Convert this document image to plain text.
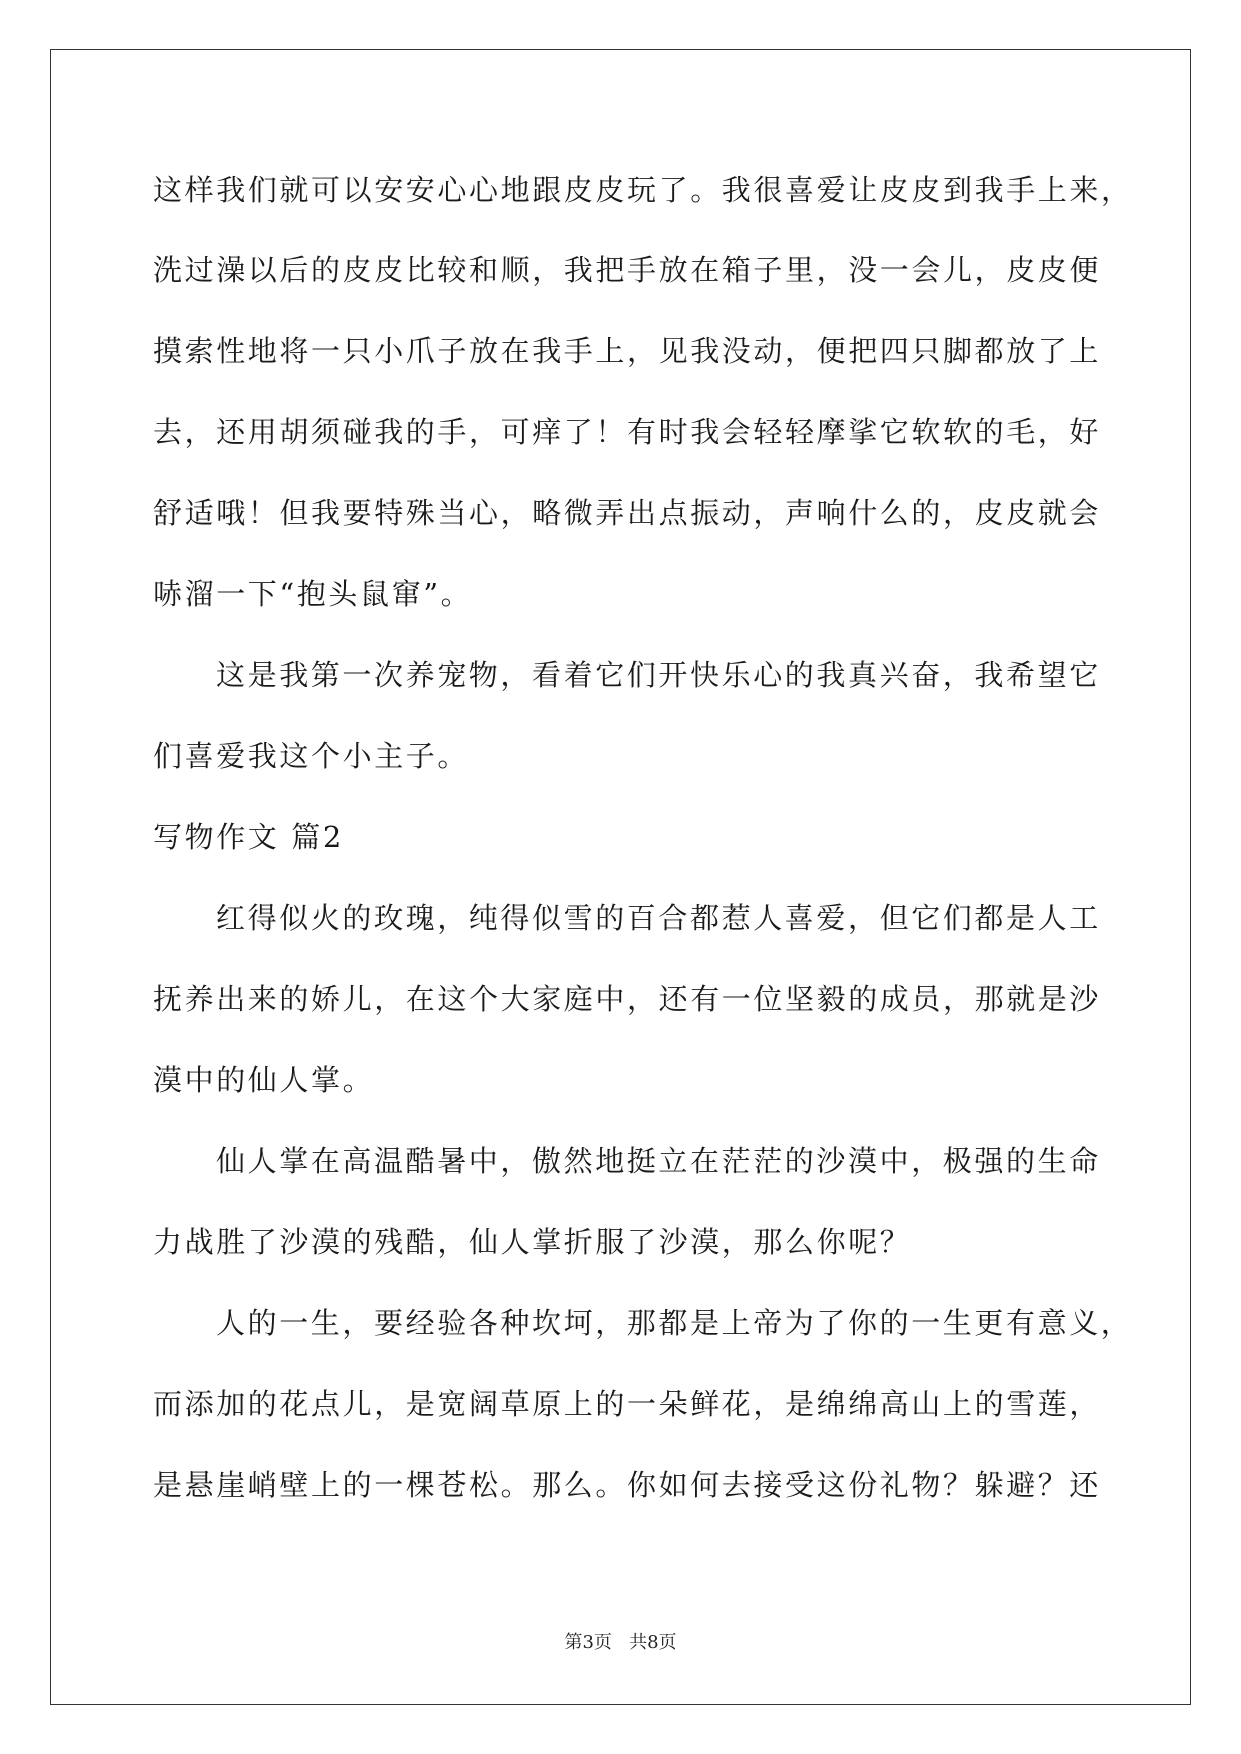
这样我们就可以安安心心地跟皮皮玩了。我很喜爱让皮皮到我手上来，
洗过澡以后的皮皮比较和顺，我把手放在箱子里，没一会儿，皮皮便
摸索性地将一只小爪子放在我手上，见我没动，便把四只脚都放了上
去，还用胡须碰我的手，可痒了！有时我会轻轻摩挲它软软的毛，好
舒适哦！但我要特殊当心，略微弄出点振动，声响什么的，皮皮就会
哧溜一下“抱头鼠窜”。
这是我第一次养宠物，看着它们开快乐心的我真兴奋，我希望它
们喜爱我这个小主子。
写物作文 篇2
红得似火的玫瑰，纯得似雪的百合都惹人喜爱，但它们都是人工
抚养出来的娇儿，在这个大家庭中，还有一位坚毅的成员，那就是沙
漠中的仙人掌。
仙人掌在高温酷暑中，傲然地挺立在茫茫的沙漠中，极强的生命
力战胜了沙漠的残酷，仙人掌折服了沙漠，那么你呢？
人的一生，要经验各种坎坷，那都是上帝为了你的一生更有意义，
而添加的花点儿，是宽阔草原上的一朵鲜花，是绵绵高山上的雪莲，
是悬崖峭壁上的一棵苍松。那么。你如何去接受这份礼物？躲避？还
第3页   共8页
